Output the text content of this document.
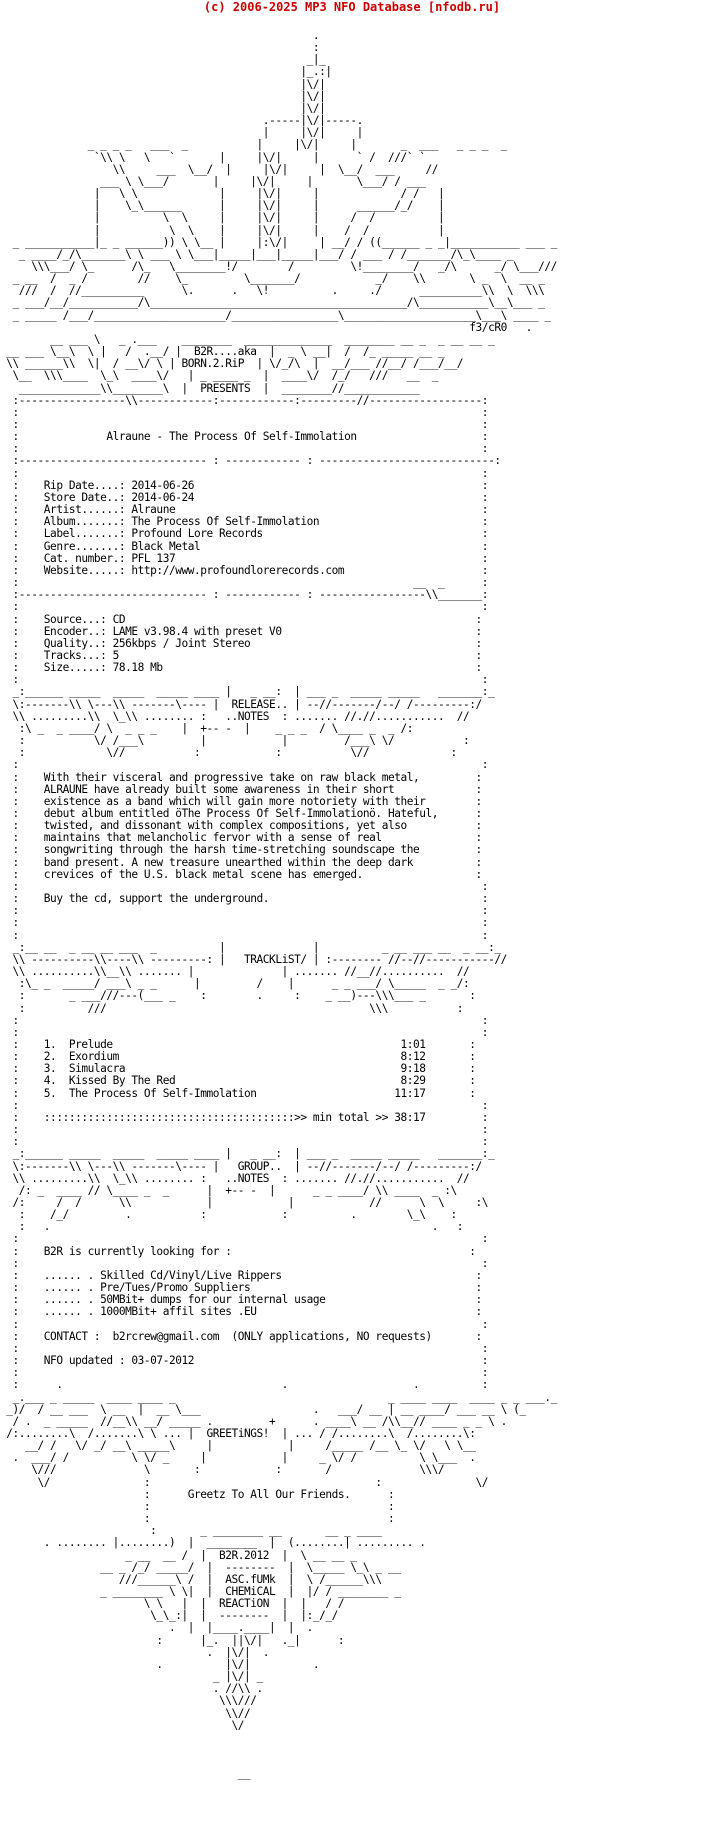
(c) 2006-2025 MP3 NFO Database [nfodb.ru]
.
:
_|_
|_.:|
|\/|
|\/|
|\/|
.-----|\/|-----.
|     |\/|     |
_ _ _ _   ___  _           |     |\/|     |       _  ___   _ _ _  _
`\\ \   \   `       |     |\/|     |      ` /  ///` `
\\     ___  \__/  |     |\/|     |  \__/  ___     //
___ \ \___/       |     |\/|     |       \___/ / ___
|   \ \             |     |\/|     |             / /   |
|    \_\______      |     |\/|     |      ______/_/    |
|          \  \     |     |\/|     |     /  /          |
|           \  \    |     |\/|     |    /  /           |
_ ___________|_ _ ______)) \ \__ |     |:\/|     | __/ / ((______ _ _|___________ ___ _
_ ____/_/\_______\ \ ___ \ \___|_____|___|_____|___/ / ___ / /_______/\_\____ _
\\\___/ \_      /\_   \________!/        /         \!________/   _/\      _/ \___///
_ __  /  _ /        //    \_         \_______/            _/    \\       \ _  \  __ _
///  /  //__________      \.      .   \!          .     ./      __________\\  \  \\\
_ ___/__/___________/\_________________________________________/\___________\__\___ _
_ _____ /___/_____________________/_________________\_____________________\___\ ____ _
f3/cR0   .
__ ___ \   _ .___    ________  ______________  ________ __ _  _ __ __ _
__ ___ \__\  \ |   /  .__/ |  B2R....aka  |  _ \ __|  /  /_ _____ __ _
\\ ______\\  \|  / __\/ \ | BORN.2.RiP  | \/_/\  |  __/___ //__/ /___/__/
\__  \\\____  \_\  ____\/   | _ ____ _  |  ____\/  /_/   ///   __  _
_____________\\________\  |  PRESENTS  |  ________//____________
:-----------------\\------------:------------:---------//------------------:
:                                                                          :
:                                                                          :
:              Alraune - The Process Of Self-Immolation                    :
:                                                                          :
:------------------------------ : ------------ : ----------------------------:
:                                                                          :
:    Rip Date....: 2014-06-26                                              :
:    Store Date..: 2014-06-24                                              :
:    Artist......: Alraune                                                 :
:    Album.......: The Process Of Self-Immolation                          :
:    Label.......: Profound Lore Records                                   :
:    Genre.......: Black Metal                                             :
:    Cat. number.: PFL 137                                                 :
:    Website.....: http://www.profoundlorerecords.com                      :
:                                                               __  _      :
:------------------------------ : ------------ : -----------------\\_______:
:                                                                          :
:    Source...: CD                                                        :
:    Encoder..: LAME v3.98.4 with preset V0                               :
:    Quality..: 256kbps / Joint Stereo                                    :
:    Tracks...: 5                                                         :
:    Size.....: 78.18 Mb                                                  :
:                                                                          :
_:______ _____  _____  _____ ____ |   _ __:  | ___ _  _____ _____   _______:_
\:-------\\ \---\\ -------\---- |  RELEASE.. | --//-------/--/ /---------:/
\\ .........\\  \_\\ ........ :   ..NOTES  : ....... //.//...........  //
:\ _  _ ____/ \  _ _ _    |  +-- -  |    _ _ _  / \____ _  _ /:
:           \/ /___\         |            |         /___\ \/           :
:             \//           :            :           \//             :
:                                                                          :
:    With their visceral and progressive take on raw black metal,         :
:    ALRAUNE have already built some awareness in their short             :
:    existence as a band which will gain more notoriety with their        :
:    debut album entitled öThe Process Of Self-Immolationö. Hateful,      :
:    twisted, and dissonant with complex compositions, yet also           :
:    maintains that melancholic fervor with a sense of real               :
:    songwriting through the harsh time-stretching soundscape the         :
:    band present. A new treasure unearthed within the deep dark          :
:    crevices of the U.S. black metal scene has emerged.                  :
:                                                                          :
:    Buy the cd, support the underground.                                  :
:                                                                          :
:                                                                          :
:                                                                          :
_:__ __  _ __ __ ___  _          |              |          _ __ ___ __  _ __:_
\\ ----------\\----\\ ---------: |   TRACKLiST/ | :-------- //--//-----------//
\\ ..........\\__\\ ....... |              | ....... //__//..........  //
:\_ _  _____/ ___\ _ _      |         /    |      _ _ ___/ \_____  _ _/:
:       _ ___///---(___ _    :        .     :    _ __)---\\\___ _       :
:          ///                                          \\\           :
:                                                                          :
:                                                                          :
:    1.  Prelude                                              1:01       :
:    2.  Exordium                                             8:12       :
:    3.  Simulacra                                            9:18       :
:    4.  Kissed By The Red                                    8:29       :
:    5.  The Process Of Self-Immolation                      11:17       :
:                                                                          :
:    ::::::::::::::::::::::::::::::::::::::::>> min total >> 38:17         :
:                                                                          :
:                                                                          :
_:______ _____  _____  _____ ____ |   _ __:  | ___ _  _____ _____   _______:_
\:-------\\ \---\\ -------\---- |   GROUP..  | --//-------/--/ /---------:/
\\ .........\\  \_\\ ........ :   ..NOTES  : ....... //.//...........  //
/: _  ____ // \____ _  _      |  +-- -  |      _ _ ____/ \\ ____  _ :\
/:     /  /      \\            |            |            //      \  \     :\
:    /_/         .           :            :          .        \_\    :
:   .                                                             .   :
:                                                                          :
:    B2R is currently looking for :                                      :
:                                                                          :
:    ...... . Skilled Cd/Vinyl/Live Rippers                               :
:    ...... . Pre/Tues/Promo Suppliers                                    :
:    ...... . 50MBit+ dumps for our internal usage                        :
:    ...... . 1000MBit+ affil sites .EU                                   :
:                                                                          :
:    CONTACT :  b2rcrew@gmail.com  (ONLY applications, NO requests)       :
:                                                                          :
:    NFO updated : 03-07-2012                                              :
:                                                                          :
:      .                                   .                    .          :
_.___ _ _____  ____ ____ _                                  _ ____ ____  ____ _ _ ___._
_)/  / __ ___  \ __  |  __ \___                  .   ___/ __ | __ ____/ ___ __ \ (_
/ .  _ _____  //__\\ __/ _____ .         +      . ____\ __ /\\__// ____ _ _ \ .
/:........\  /.......\ \ ... |  GREETiNGS!  | ... / /........\  /........\:
__/ /   \/ _/ __\ _____\     |            |     /_____ /__ \_ \/   \ \__
.  ___/ /          \ \/ _     |            |     _ \/ /          \ \___  .
\///              \       :            :       /              \\\/
\/               :                                    :               \/
:      Greetz To All Our Friends.      :
:                                      :
:                                      :
:       _ ________ __       __ _ ____
. ........ |........)  |  ________  |  (........| ......... .
_ __  __ /  |  B2R.2012  |  \ __ __ _
__ _ /_/ _____/  |  --------  |  \_____ \_\ _ __
///______\ /  |  ASC.fUMk  |  \ /______\\\
_ ________ \ \|  |  CHEMiCAL  |  |/ / ________ _
\ \   |  |  REACTiON  |  |   / /
\_\_:|  |  --------  |  |:_/_/
.  |  |____.____|  |  .
:      |_.  ||\/|   ._|      :
.  |\/|  .
.          |\/|          .
_ |\/| _
. //\\ .
\\\///
\\//
\/

__
